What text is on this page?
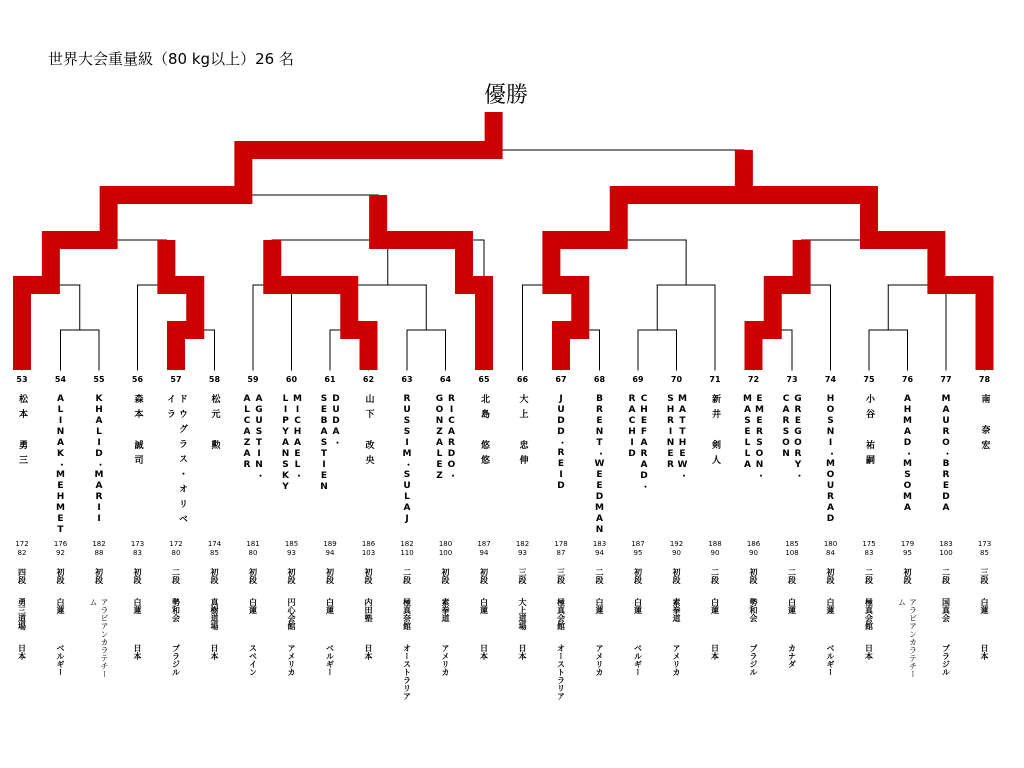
世界大会重量級（80 kg以上）26 名
優勝
53
松本 勇三
172
82
四段
勇三道場
日本
54
ALINAK・MEHMET
176
92
初段
白蓮
ベルギー
55
KHALID・MARII
182
88
初段
アラビアンカラテチーム
56
森本 誠司
173
83
初段
白蓮
日本
57
ドウグラス・オリベイラ
172
80
二段
勢和会
ブラジル
58
松元 勲
174
85
初段
真樹道場
日本
59
AGUSTIN・ALCAZAR
181
80
初段
白蓮
スペイン
60
MICHAEL・LIPYANSKY
185
93
初段
円心会館
アメリカ
61
DUDA・SEBASTIEN
189
94
初段
白蓮
ベルギー
62
山下 改央
186
103
初段
内田塾
日本
63
RUSSIM・SULAJ
182
110
二段
極真奈館
オーストラリア
64
RICARDO・GONZALEZ
180
100
初段
素拳道
アメリカ
65
北島 悠悠
187
94
初段
白蓮
日本
66
大上 忠伸
182
93
三段
大上道場
日本
67
JUDD・REID
178
87
三段
極真会館
オーストラリア
68
BRENT・WEEDMAN
183
94
二段
白蓮
アメリカ
69
CHEFARAD・RACHID
187
95
初段
白蓮
ベルギー
70
MATTHEW・SHRINER
192
90
初段
素拳道
アメリカ
71
新井 剣人
188
90
二段
白蓮
日本
72
EMERSON・MASELLA
186
90
初段
勢和会
ブラジル
73
GREGORY・CARSON
185
108
二段
白蓮
カナダ
74
HOSNI・MOURAD
180
84
初段
白蓮
ベルギー
75
小谷 祐嗣
175
83
二段
極真会館
日本
76
AHMAD・MSOMA
179
95
初段
アラビアンカラテチーム
77
MAURO・BREDA
183
100
二段
国真会
ブラジル
78
南 奈宏
173
85
三段
白蓮
日本
